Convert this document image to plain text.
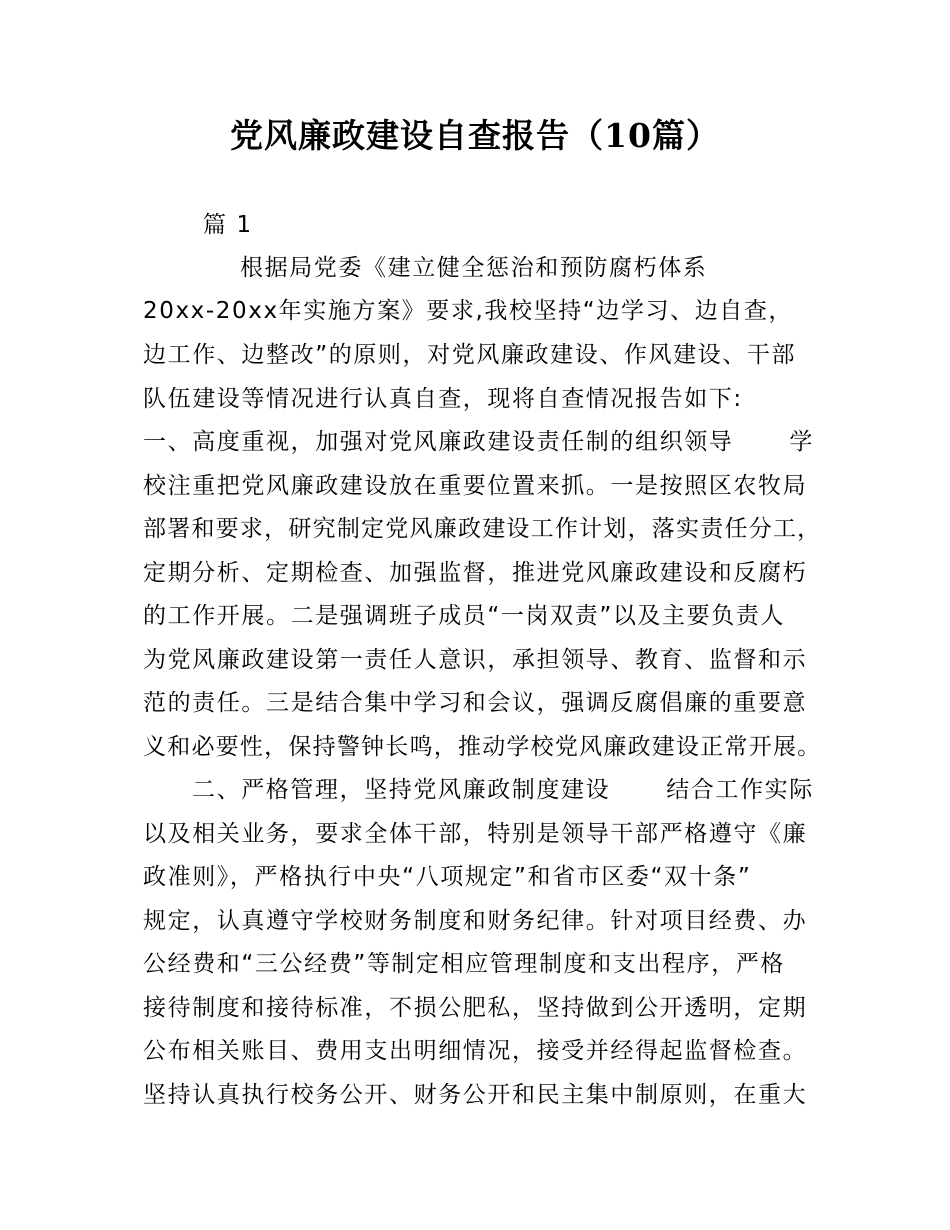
党风廉政建设自查报告（10篇）
篇 1
根据局党委《建立健全惩治和预防腐朽体系
20xx-20xx年实施方案》要求,我校坚持“边学习、边自查，
边工作、边整改”的原则，对党风廉政建设、作风建设、干部
队伍建设等情况进行认真自查，现将自查情况报告如下:
一、高度重视，加强对党风廉政建设责任制的组织领导 学
校注重把党风廉政建设放在重要位置来抓。一是按照区农牧局
部署和要求，研究制定党风廉政建设工作计划，落实责任分工，
定期分析、定期检查、加强监督，推进党风廉政建设和反腐朽
的工作开展。二是强调班子成员“一岗双责”以及主要负责人
为党风廉政建设第一责任人意识，承担领导、教育、监督和示
范的责任。三是结合集中学习和会议，强调反腐倡廉的重要意
义和必要性，保持警钟长鸣，推动学校党风廉政建设正常开展。
二、严格管理，坚持党风廉政制度建设 结合工作实际
以及相关业务，要求全体干部，特别是领导干部严格遵守《廉
政准则》，严格执行中央“八项规定”和省市区委“双十条”
规定，认真遵守学校财务制度和财务纪律。针对项目经费、办
公经费和“三公经费”等制定相应管理制度和支出程序，严格
接待制度和接待标准，不损公肥私，坚持做到公开透明，定期
公布相关账目、费用支出明细情况，接受并经得起监督检查。
坚持认真执行校务公开、财务公开和民主集中制原则，在重大
